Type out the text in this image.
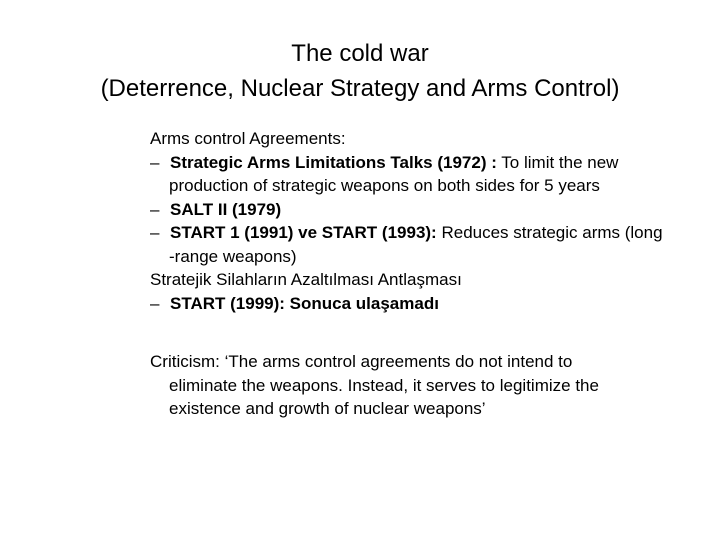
The cold war
(Deterrence, Nuclear Strategy and Arms Control)
Arms control Agreements:
– Strategic Arms Limitations Talks (1972) : To limit the new
production of strategic weapons on both sides for 5 years
– SALT II (1979)
– START 1 (1991) ve START (1993): Reduces strategic arms (long
-range weapons)
Stratejik Silahların Azaltılması Antlaşması
– START (1999): Sonuca ulaşamadı
Criticism: ‘The arms control agreements do not intend to
eliminate the weapons. Instead, it serves to legitimize the
existence and growth of nuclear weapons’
